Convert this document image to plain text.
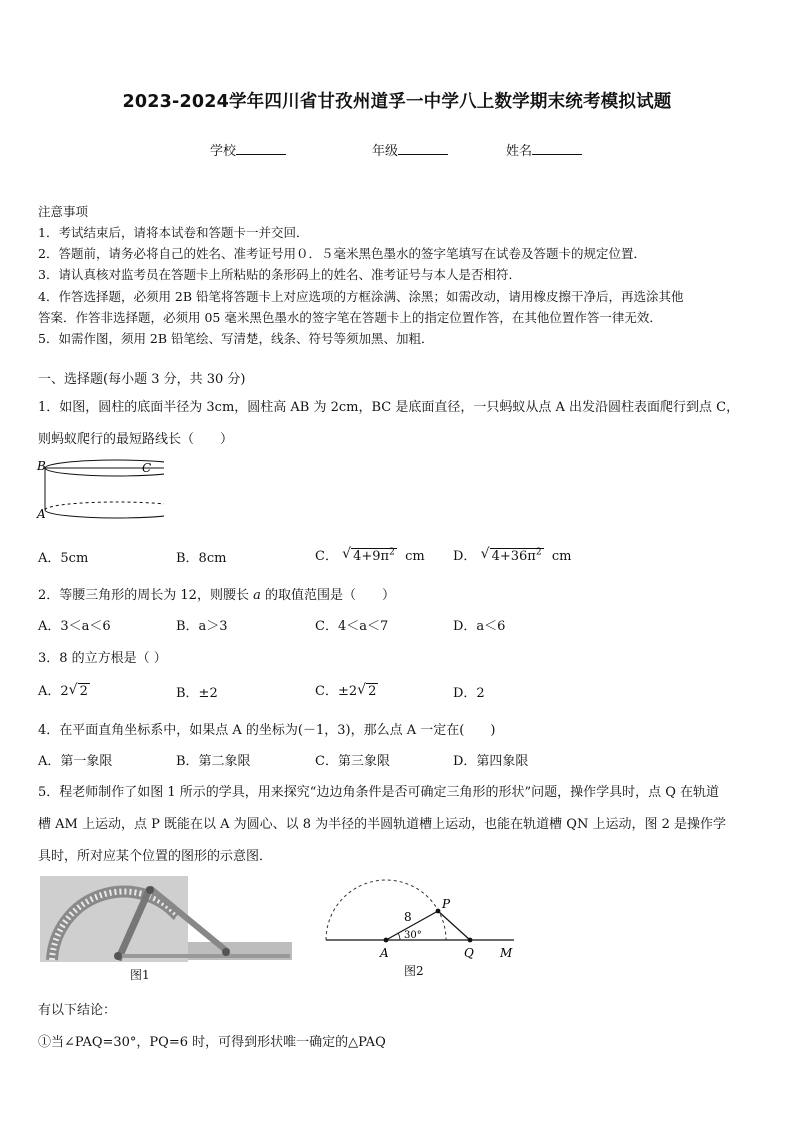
2023-2024学年四川省甘孜州道孚一中学八上数学期末统考模拟试题
学校	年级	姓名
注意事项
1．考试结束后，请将本试卷和答题卡一并交回．
2．答题前，请务必将自己的姓名、准考证号用０．５毫米黑色墨水的签字笔填写在试卷及答题卡的规定位置．
3．请认真核对监考员在答题卡上所粘贴的条形码上的姓名、准考证号与本人是否相符．
4．作答选择题，必须用 2B 铅笔将答题卡上对应选项的方框涂满、涂黑；如需改动，请用橡皮擦干净后，再选涂其他
答案．作答非选择题，必须用 05 毫米黑色墨水的签字笔在答题卡上的指定位置作答，在其他位置作答一律无效．
5．如需作图，须用 2B 铅笔绘、写清楚，线条、符号等须加黑、加粗．
一、选择题(每小题 3 分，共 30 分)
1．如图，圆柱的底面半径为 3cm，圆柱高 AB 为 2cm，BC 是底面直径，一只蚂蚁从点 A 出发沿圆柱表面爬行到点 C，
则蚂蚁爬行的最短路线长（　　）
B	C
A
A．5cm	B．8cm	C． √ $4+9\pi^2$ cm D． √ $4+36\pi^2$ cm
2．等腰三角形的周长为 12，则腰长 a 的取值范围是（　　）
A．3＜a＜6	B．a＞3	C．4＜a＜7	D．a＜6
3．8 的立方根是（ ）
A．2 √ 2	B．±2	C．±2 √ 2	D．2
4．在平面直角坐标系中，如果点 A 的坐标为(－1，3)，那么点 A 一定在(　　)
A．第一象限	B．第二象限	C．第三象限	D．第四象限
5．程老师制作了如图 1 所示的学具，用来探究“边边角条件是否可确定三角形的形状”问题，操作学具时，点 Q 在轨道
槽 AM 上运动，点 P 既能在以 A 为圆心、以 8 为半径的半圆轨道槽上运动，也能在轨道槽 QN 上运动，图 2 是操作学
具时，所对应某个位置的图形的示意图．
图1
P
A	Q M
8
30°
图2
有以下结论：
①当∠PAQ=30°，PQ=6 时，可得到形状唯一确定的△PAQ
